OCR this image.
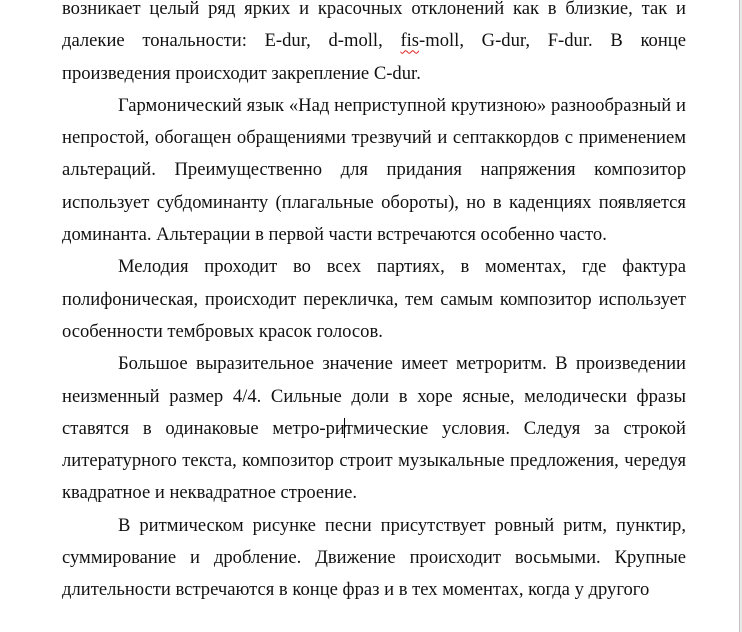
возникает целый ряд ярких и красочных отклонений как в близкие, так и далекие тональности: E-dur, d-moll, fis-moll, G-dur, F-dur. В конце произведения происходит закрепление C-dur.

Гармонический язык «Над неприступной крутизною» разнообразный и непростой, обогащен обращениями трезвучий и септаккордов с применением альтераций. Преимущественно для придания напряжения композитор использует субдоминанту (плагальные обороты), но в каденциях появляется доминанта. Альтерации в первой части встречаются особенно часто.

Мелодия проходит во всех партиях, в моментах, где фактура полифоническая, происходит перекличка, тем самым композитор использует особенности тембровых красок голосов.

Большое выразительное значение имеет метроритм. В произведении неизменный размер 4/4. Сильные доли в хоре ясные, мелодически фразы ставятся в одинаковые метро-ритмические условия. Следуя за строкой литературного текста, композитор строит музыкальные предложения, чередуя квадратное и неквадратное строение.

В ритмическом рисунке песни присутствует ровный ритм, пунктир, суммирование и дробление. Движение происходит восьмыми. Крупные длительности встречаются в конце фраз и в тех моментах, когда у другого
